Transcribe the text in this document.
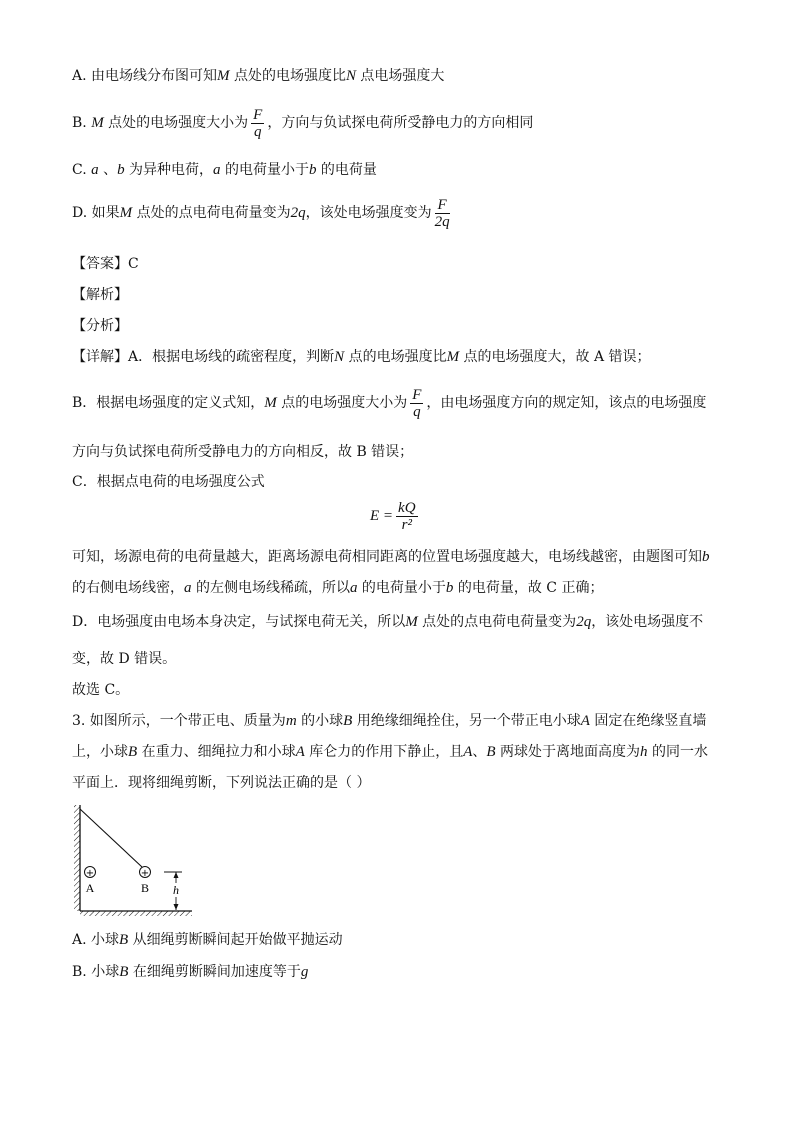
A. 由电场线分布图可知M 点处的电场强度比N 点电场强度大
B. M 点处的电场强度大小为 $\frac{F}{q}$ ，方向与负试探电荷所受静电力的方向相同
C. a 、b 为异种电荷，a 的电荷量小于b 的电荷量
D. 如果M 点处的点电荷电荷量变为2q，该处电场强度变为 $\frac{F}{2q}$
【答案】C
【解析】
【分析】
【详解】A．根据电场线的疏密程度，判断N 点的电场强度比M 点的电场强度大，故 A 错误；
B．根据电场强度的定义式知，M 点的电场强度大小为 $\frac{F}{q}$ ，由电场强度方向的规定知，该点的电场强度
方向与负试探电荷所受静电力的方向相反，故 B 错误；
C．根据点电荷的电场强度公式
$E = \frac{kQ}{\text{r²}}$
可知，场源电荷的电荷量越大，距离场源电荷相同距离的位置电场强度越大，电场线越密，由题图可知b
的右侧电场线密，a 的左侧电场线稀疏，所以a 的电荷量小于b 的电荷量，故 C 正确；
D．电场强度由电场本身决定，与试探电荷无关，所以M 点处的点电荷电荷量变为2q，该处电场强度不
变，故 D 错误。
故选 C。
3. 如图所示，一个带正电、质量为m 的小球B 用绝缘细绳拴住，另一个带正电小球A 固定在绝缘竖直墙
上，小球B 在重力、细绳拉力和小球A 库仑力的作用下静止，且A、B 两球处于离地面高度为h 的同一水
平面上．现将细绳剪断，下列说法正确的是（ ）
+	+
A	B h
A. 小球B 从细绳剪断瞬间起开始做平抛运动
B. 小球B 在细绳剪断瞬间加速度等于g
